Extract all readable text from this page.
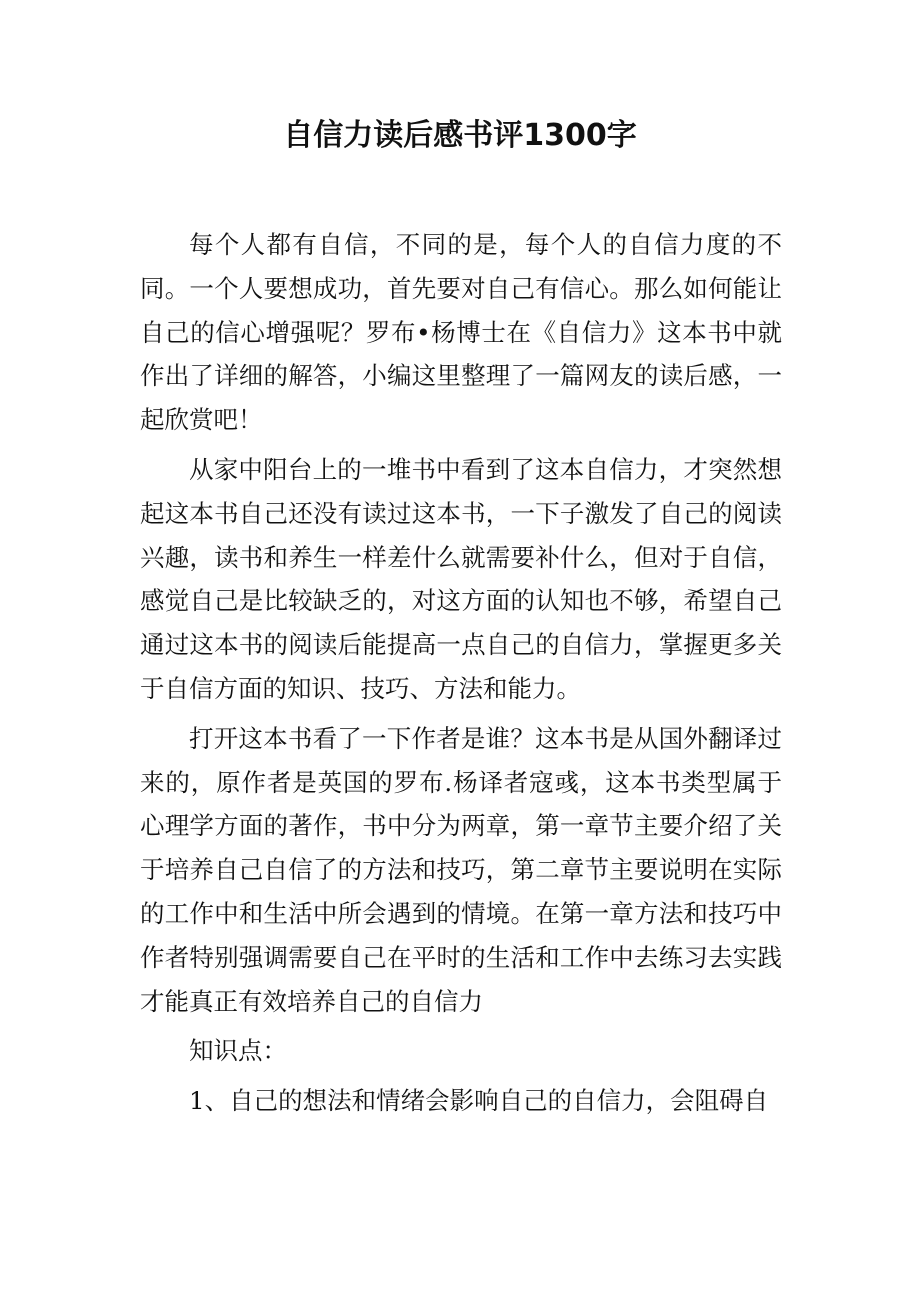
自信力读后感书评1300字

每个人都有自信，不同的是，每个人的自信力度的不同。一个人要想成功，首先要对自己有信心。那么如何能让自己的信心增强呢？罗布•杨博士在《自信力》这本书中就作出了详细的解答，小编这里整理了一篇网友的读后感，一起欣赏吧！

从家中阳台上的一堆书中看到了这本自信力，才突然想起这本书自己还没有读过这本书，一下子激发了自己的阅读兴趣，读书和养生一样差什么就需要补什么，但对于自信，感觉自己是比较缺乏的，对这方面的认知也不够，希望自己通过这本书的阅读后能提高一点自己的自信力，掌握更多关于自信方面的知识、技巧、方法和能力。

打开这本书看了一下作者是谁？这本书是从国外翻译过来的，原作者是英国的罗布.杨译者寇彧，这本书类型属于心理学方面的著作，书中分为两章，第一章节主要介绍了关于培养自己自信了的方法和技巧，第二章节主要说明在实际的工作中和生活中所会遇到的情境。在第一章方法和技巧中作者特别强调需要自己在平时的生活和工作中去练习去实践才能真正有效培养自己的自信力

知识点：

1、自己的想法和情绪会影响自己的自信力，会阻碍自
